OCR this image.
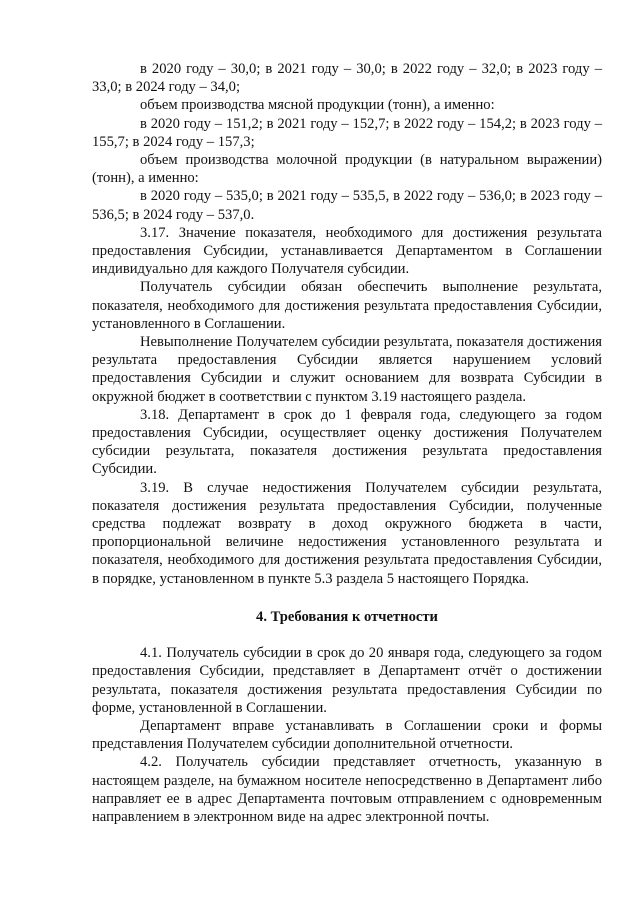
в 2020 году – 30,0; в 2021 году – 30,0; в 2022 году – 32,0; в 2023 году – 33,0; в 2024 году – 34,0;

объем производства мясной продукции (тонн), а именно:

в 2020 году – 151,2; в 2021 году – 152,7; в 2022 году – 154,2; в 2023 году – 155,7; в 2024 году – 157,3;

объем производства молочной продукции (в натуральном выражении) (тонн), а именно:

в 2020 году – 535,0; в 2021 году – 535,5, в 2022 году – 536,0; в 2023 году – 536,5; в 2024 году – 537,0.

3.17. Значение показателя, необходимого для достижения результата предоставления Субсидии, устанавливается Департаментом в Соглашении индивидуально для каждого Получателя субсидии.

Получатель субсидии обязан обеспечить выполнение результата, показателя, необходимого для достижения результата предоставления Субсидии, установленного в Соглашении.

Невыполнение Получателем субсидии результата, показателя достижения результата предоставления Субсидии является нарушением условий предоставления Субсидии и служит основанием для возврата Субсидии в окружной бюджет в соответствии с пунктом 3.19 настоящего раздела.

3.18. Департамент в срок до 1 февраля года, следующего за годом предоставления Субсидии, осуществляет оценку достижения Получателем субсидии результата, показателя достижения результата предоставления Субсидии.

3.19. В случае недостижения Получателем субсидии результата, показателя достижения результата предоставления Субсидии, полученные средства подлежат возврату в доход окружного бюджета в части, пропорциональной величине недостижения установленного результата и показателя, необходимого для достижения результата предоставления Субсидии, в порядке, установленном в пункте 5.3 раздела 5 настоящего Порядка.

4. Требования к отчетности

4.1. Получатель субсидии в срок до 20 января года, следующего за годом предоставления Субсидии, представляет в Департамент отчёт о достижении результата, показателя достижения результата предоставления Субсидии по форме, установленной в Соглашении.

Департамент вправе устанавливать в Соглашении сроки и формы представления Получателем субсидии дополнительной отчетности.

4.2. Получатель субсидии представляет отчетность, указанную в настоящем разделе, на бумажном носителе непосредственно в Департамент либо направляет ее в адрес Департамента почтовым отправлением с одновременным направлением в электронном виде на адрес электронной почты.
